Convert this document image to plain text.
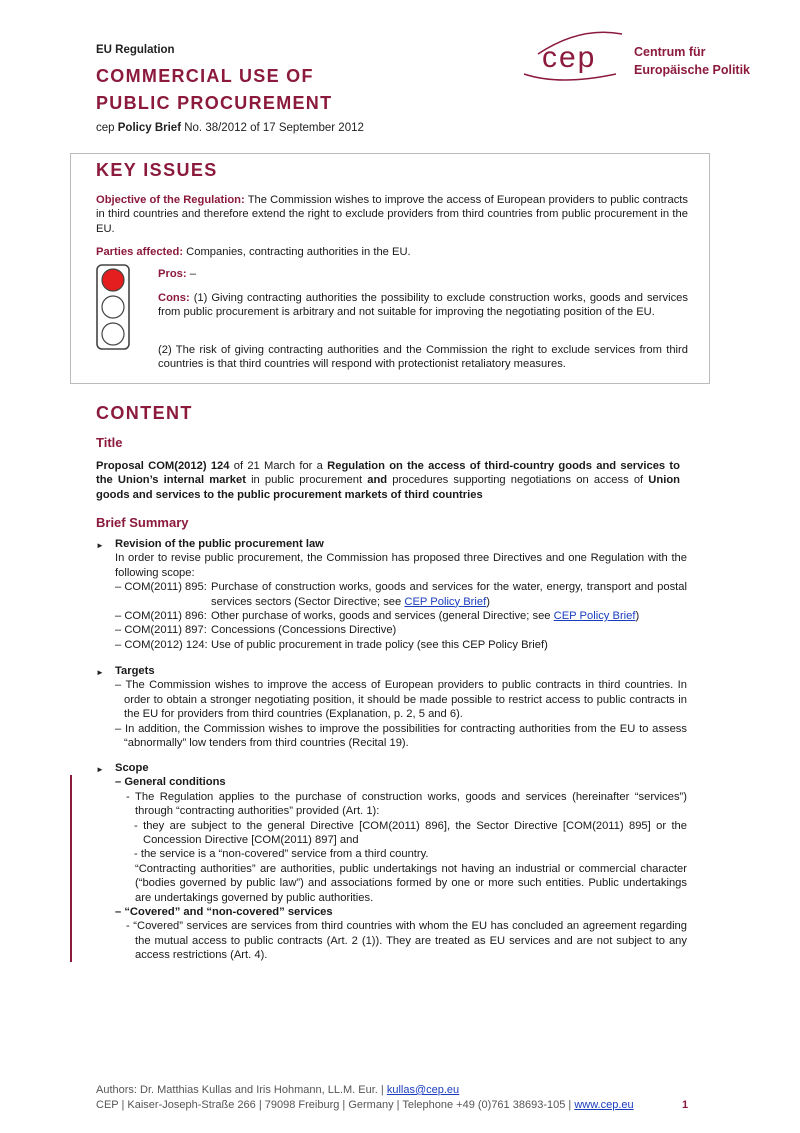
EU Regulation
COMMERCIAL USE OF
PUBLIC PROCUREMENT
cep Policy Brief No. 38/2012 of 17 September 2012
cep	Centrum für
Europäische Politik
KEY ISSUES
Objective of the Regulation: The Commission wishes to improve the access of European providers to public contracts in third countries and therefore extend the right to exclude providers from third countries from public procurement in the EU.
Parties affected: Companies, contracting authorities in the EU.
Pros: –
Cons: (1) Giving contracting authorities the possibility to exclude construction works, goods and services from public procurement is arbitrary and not suitable for improving the negotiating position of the EU.
(2) The risk of giving contracting authorities and the Commission the right to exclude services from third countries is that third countries will respond with protectionist retaliatory measures.
CONTENT
Title
Proposal COM(2012) 124 of 21 March for a Regulation on the access of third-country goods and services to the Union’s internal market in public procurement and procedures supporting negotiations on access of Union goods and services to the public procurement markets of third countries
Brief Summary
► Revision of the public procurement law
In order to revise public procurement, the Commission has proposed three Directives and one Regulation with the following scope:
– COM(2011) 895: Purchase of construction works, goods and services for the water, energy, transport and postal services sectors (Sector Directive; see CEP Policy Brief)
– COM(2011) 896: Other purchase of works, goods and services (general Directive; see CEP Policy Brief)
– COM(2011) 897: Concessions (Concessions Directive)
– COM(2012) 124: Use of public procurement in trade policy (see this CEP Policy Brief)
► Targets
– The Commission wishes to improve the access of European providers to public contracts in third countries. In order to obtain a stronger negotiating position, it should be made possible to restrict access to public contracts in the EU for providers from third countries (Explanation, p. 2, 5 and 6).
– In addition, the Commission wishes to improve the possibilities for contracting authorities from the EU to assess “abnormally” low tenders from third countries (Recital 19).
► Scope
– General conditions
- The Regulation applies to the purchase of construction works, goods and services (hereinafter “services”) through “contracting authorities” provided (Art. 1):
- they are subject to the general Directive [COM(2011) 896], the Sector Directive [COM(2011) 895] or the Concession Directive [COM(2011) 897] and
- the service is a “non-covered” service from a third country.
“Contracting authorities” are authorities, public undertakings not having an industrial or commercial character (“bodies governed by public law”) and associations formed by one or more such entities. Public undertakings are undertakings governed by public authorities.
– “Covered” and “non-covered” services
- “Covered” services are services from third countries with whom the EU has concluded an agreement regarding the mutual access to public contracts (Art. 2 (1)). They are treated as EU services and are not subject to any access restrictions (Art. 4).
Authors: Dr. Matthias Kullas and Iris Hohmann, LL.M. Eur. | kullas@cep.eu
CEP | Kaiser-Joseph-Straße 266 | 79098 Freiburg | Germany | Telephone +49 (0)761 38693-105 | www.cep.eu	1
